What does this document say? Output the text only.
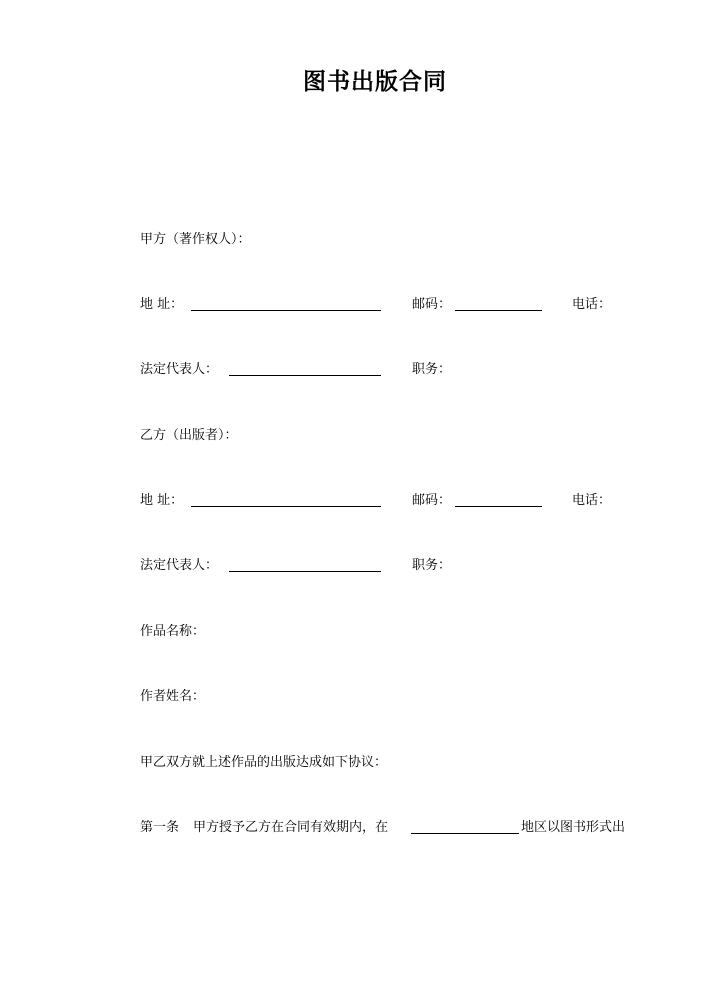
图书出版合同
甲方（著作权人）：
地 址：	邮码：	电话：
法定代表人：	职务：
乙方（出版者）：
地 址：	邮码：	电话：
法定代表人：	职务：
作品名称：
作者姓名：
甲乙双方就上述作品的出版达成如下协议：
第一条 甲方授予乙方在合同有效期内，在	地区以图书形式出
